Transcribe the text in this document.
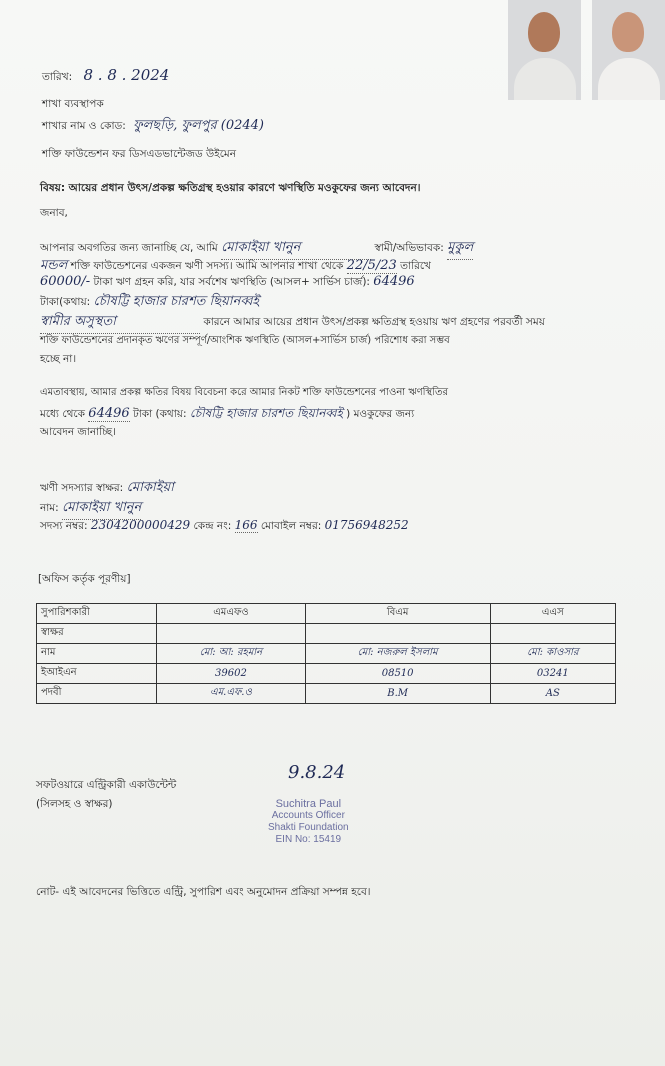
তারিখ: 8 . 8 . 2024
শাখা ব্যবস্থাপক
শাখার নাম ও কোড: ফুলছড়ি, ফুলপুর (0244)
শক্তি ফাউন্ডেশন ফর ডিসএডভান্টেজড উইমেন
বিষয়: আয়ের প্রধান উৎস/প্রকল্প ক্ষতিগ্রস্থ হওয়ার কারণে ঋণস্থিতি মওকুফের জন্য আবেদন।
জনাব,
আপনার অবগতির জন্য জানাচ্ছি যে, আমি মোকাইয়া খানুন	স্বামী/অভিভাবক: মুকুল
মন্ডল শক্তি ফাউন্ডেশনের একজন ঋণী সদস্য। আমি আপনার শাখা থেকে 22/5/23 তারিখে
60000/- টাকা ঋণ গ্রহন করি, যার সর্বশেষ ঋণস্থিতি (আসল+ সার্ভিস চার্জ): 64496
টাকা(কথায়: চৌষট্টি হাজার চারশত ছিয়ানব্বই
স্বামীর অসুস্থতা	কারনে আমার আয়ের প্রধান উৎস/প্রকল্প ক্ষতিগ্রস্থ হওয়ায় ঋণ গ্রহণের পরবর্তী সময়
শক্তি ফাউন্ডেশনের প্রদানকৃত ঋণের সম্পূর্ণ/আংশিক ঋণস্থিতি (আসল+সার্ভিস চার্জ) পরিশোধ করা সম্ভব
হচ্ছে না।
এমতাবস্থায়, আমার প্রকল্প ক্ষতির বিষয় বিবেচনা করে আমার নিকট শক্তি ফাউন্ডেশনের পাওনা ঋণস্থিতির
মধ্যে থেকে 64496 টাকা (কথায়: চৌষট্টি হাজার চারশত ছিয়ানব্বই ) মওকুফের জন্য
আবেদন জানাচ্ছি।
ঋণী সদস্যার স্বাক্ষর: মোকাইয়া
নাম: মোকাইয়া খানুন
সদস্য নম্বর: 2304200000429 কেন্দ্র নং: 166 মোবাইল নম্বর: 01756948252
[অফিস কর্তৃক পূরণীয়]
সুপারিশকারী	এমএফও	বিএম	এএস
স্বাক্ষর			
নাম	মো: আ: রহমান	মো: নজরুল ইসলাম	মো: কাওসার
ইআইএন	39602	08510	03241
পদবী	এম.এফ.ও	B.M	AS
সফটওয়ারে এন্ট্রিকারী একাউন্টেন্ট
(সিলসহ ও স্বাক্ষর)
9.8.24
Suchitra Paul
Accounts Officer
Shakti Foundation
EIN No: 15419
নোট- এই আবেদনের ভিত্তিতে এন্ট্রি, সুপারিশ এবং অনুমোদন প্রক্রিয়া সম্পন্ন হবে।
